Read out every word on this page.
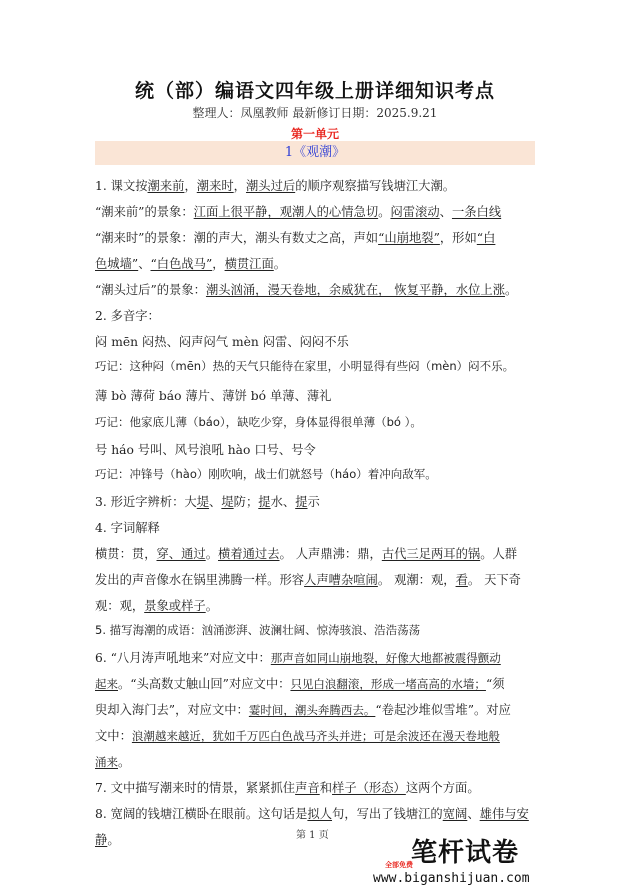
统（部）编语文四年级上册详细知识考点
整理人：凤凰教师 最新修订日期：2025.9.21
第一单元
1《观潮》
1. 课文按潮来前，潮来时，潮头过后的顺序观察描写钱塘江大潮。
“潮来前”的景象：江面上很平静，观潮人的心情急切。闷雷滚动、一条白线
“潮来时”的景象：潮的声大，潮头有数丈之高，声如“山崩地裂”，形如“白
色城墙”、“白色战马”，横贯江面。
“潮头过后”的景象：潮头汹涌，漫天卷地，余威犹在， 恢复平静，水位上涨。
2. 多音字：
闷 mēn 闷热、闷声闷气 mèn 闷雷、闷闷不乐
巧记：这种闷（mēn）热的天气只能待在家里，小明显得有些闷（mèn）闷不乐。
薄 bò 薄荷 báo 薄片、薄饼 bó 单薄、薄礼
巧记：他家底儿薄（báo），缺吃少穿，身体显得很单薄（bó ）。
号 háo 号叫、风号浪吼 hào 口号、号令
巧记：冲锋号（hào）刚吹响，战士们就怒号（háo）着冲向敌军。
3. 形近字辨析：大堤、堤防；提水、提示
4. 字词解释
横贯：贯，穿、通过。横着通过去。 人声鼎沸：鼎，古代三足两耳的锅。人群
发出的声音像水在锅里沸腾一样。形容人声嘈杂喧闹。 观潮：观，看。 天下奇
观：观，景象或样子。
5. 描写海潮的成语：汹涌澎湃、波澜壮阔、惊涛骇浪、浩浩荡荡
6. “八月涛声吼地来”对应文中：那声音如同山崩地裂，好像大地都被震得颤动
起来。“头高数丈触山回”对应文中：只见白浪翻滚，形成一堵高高的水墙；“须
臾却入海门去”，对应文中：霎时间，潮头奔腾西去。“卷起沙堆似雪堆”。对应
文中：浪潮越来越近，犹如千万匹白色战马齐头并进；可是余波还在漫天卷地般
涌来。
7. 文中描写潮来时的情景，紧紧抓住声音和样子（形态）这两个方面。
8. 宽阔的钱塘江横卧在眼前。这句话是拟人句，写出了钱塘江的宽阔、雄伟与安
静。	第 1 页
笔杆试卷
全部免费
www.biganshijuan.com
